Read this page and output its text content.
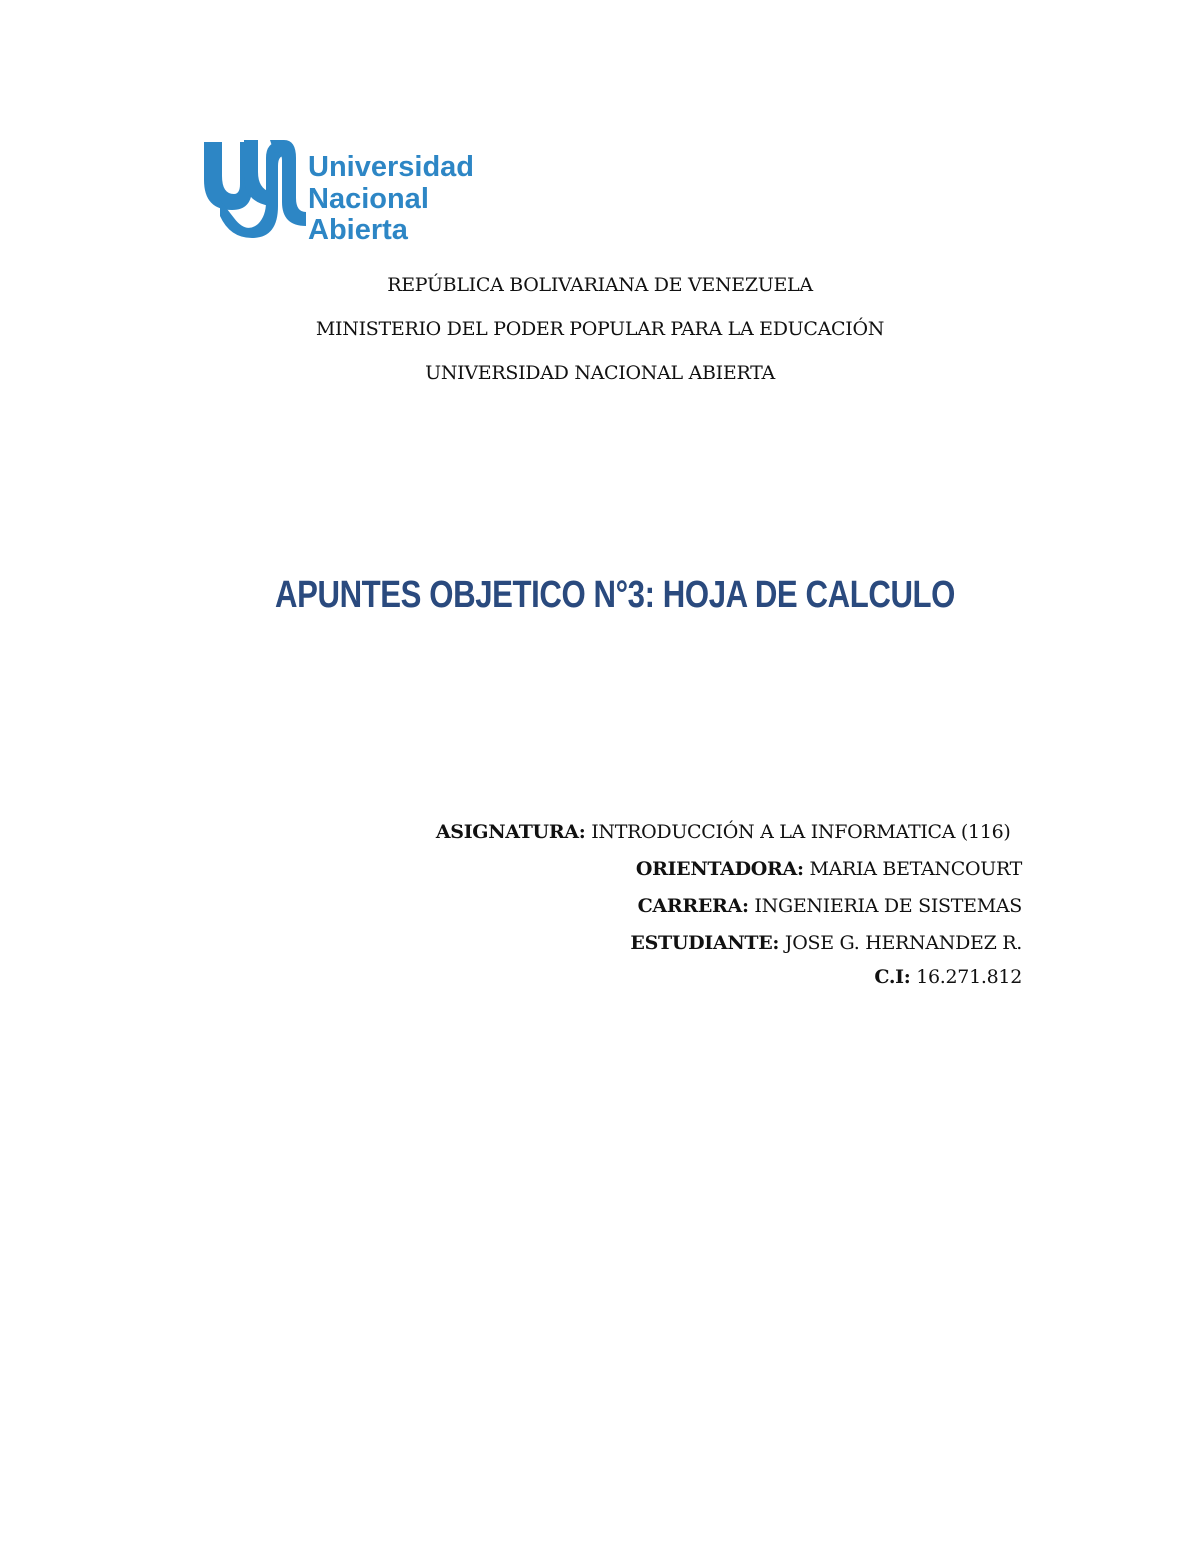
Universidad
Nacional
Abierta
REPÚBLICA BOLIVARIANA DE VENEZUELA
MINISTERIO DEL PODER POPULAR PARA LA EDUCACIÓN
UNIVERSIDAD NACIONAL ABIERTA
APUNTES OBJETICO N°3: HOJA DE CALCULO
ASIGNATURA: INTRODUCCIÓN A LA INFORMATICA (116)
ORIENTADORA: MARIA BETANCOURT
CARRERA: INGENIERIA DE SISTEMAS
ESTUDIANTE: JOSE G. HERNANDEZ R.
C.I: 16.271.812
